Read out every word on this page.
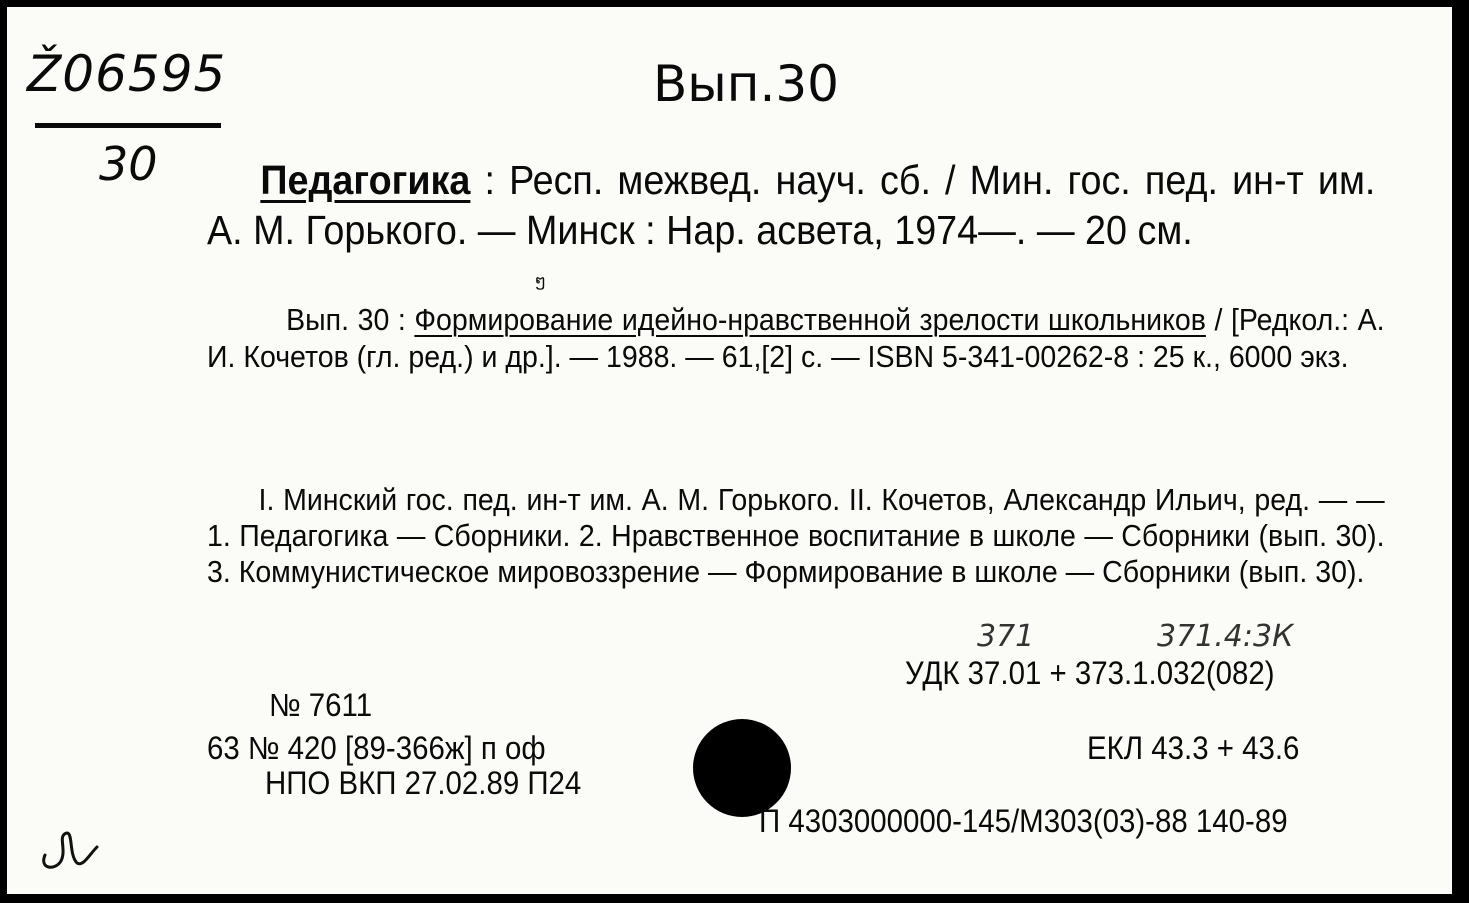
Ž06595
30
Вып.30
Педагогика : Респ. межвед. науч. сб. / Мин. гос. пед. ин-т им. А. М. Горького. — Минск : Нар. асвета, 1974—. — 20 см.
ໆ
Вып. 30 : Формирование идейно-нравственной зрелости школьников / [Редкол.: А. И. Кочетов (гл. ред.) и др.]. — 1988. — 61,[2] с. — ISBN 5-341-00262-8 : 25 к., 6000 экз.
I. Минский гос. пед. ин-т им. А. М. Горького. II. Кочетов, Александр Ильич, ред. — — 1. Педагогика — Сборники. 2. Нравственное воспитание в школе — Сборники (вып. 30). 3. Коммунистическое мировоззрение — Формирование в школе — Сборники (вып. 30).
371	371.4:3К
УДК 37.01 + 373.1.032(082)
№ 7611
63 № 420 [89-366ж] п оф
НПО ВКП 27.02.89 П24
ЕКЛ 43.3 + 43.6
П 4303000000-145/М303(03)-88 140-89
